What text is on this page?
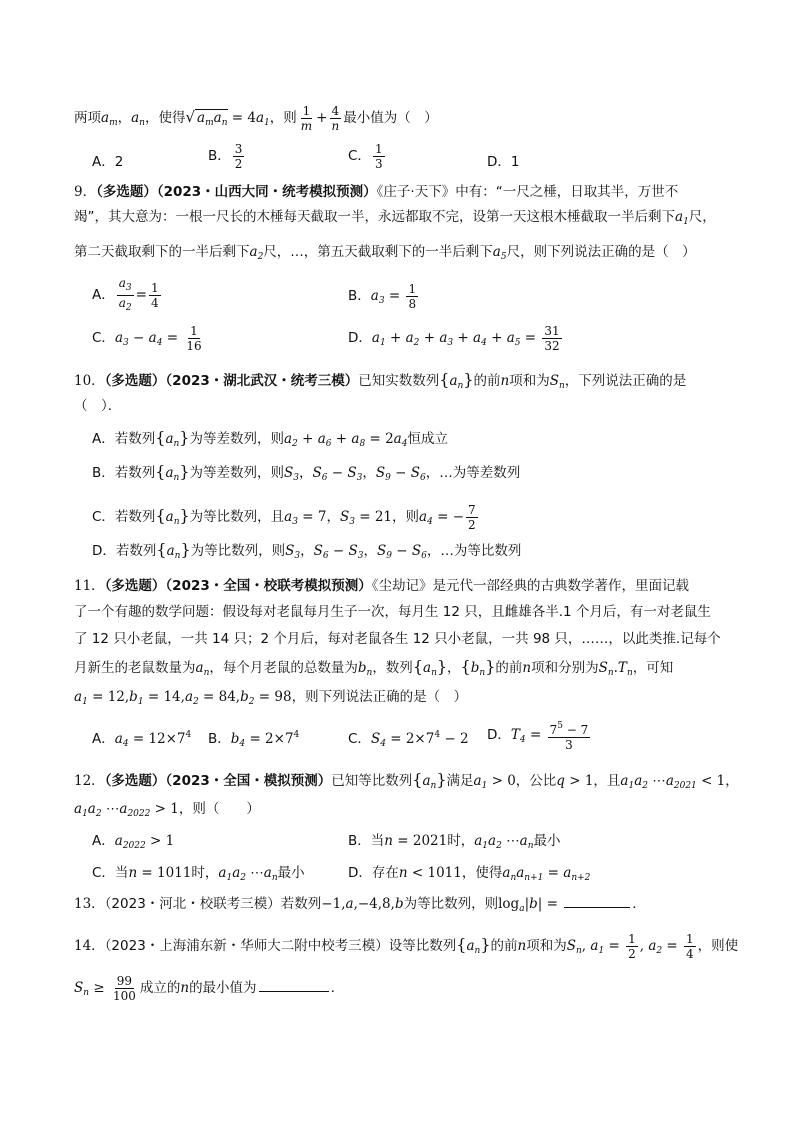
两项$a_m$，$a_n$，使得√ $a_ma_n = 4a_1$，则 $\frac{1}{m} + \frac{4}{n}$ 最小值为（　）
A．2	B． $\frac{3}{2}$	C． $\frac{1}{3}$	D．1
9．（多选题）（2023・山西大同・统考模拟预测）《庄子·天下》中有：“一尺之棰，日取其半，万世不
竭”，其大意为：一根一尺长的木棰每天截取一半，永远都取不完，设第一天这根木棰截取一半后剩下$a_1$尺，
第二天截取剩下的一半后剩下$a_2$尺，…，第五天截取剩下的一半后剩下$a_5$尺，则下列说法正确的是（　）
A． $\frac{a_3}{a_2} = \frac{1}{4}$	B．$a_3 = \frac{1}{8}$
C．$a_3 - a_4 = \frac{1}{16}$	D．$a_1 + a_2 + a_3 + a_4 + a_5 = \frac{31}{32}$
10．（多选题）（2023・湖北武汉・统考三模）已知实数数列$\{a_n\}$的前n项和为$S_n$，下列说法正确的是
（　）．
A．若数列$\{a_n\}$为等差数列，则$a_2 + a_6 + a_8 = 2a_4$恒成立
B．若数列$\{a_n\}$为等差数列，则$S_3$，$S_6 - S_3$，$S_9 - S_6$，…为等差数列
C．若数列$\{a_n\}$为等比数列，且$a_3 = 7$，$S_3 = 21$，则$a_4$ = − $\frac{7}{2}$
D．若数列$\{a_n\}$为等比数列，则$S_3$，$S_6 - S_3$，$S_9 - S_6$，…为等比数列
11．（多选题）（2023・全国・校联考模拟预测）《尘劫记》是元代一部经典的古典数学著作，里面记载
了一个有趣的数学问题：假设每对老鼠每月生子一次，每月生 12 只，且雌雄各半.1 个月后，有一对老鼠生
了 12 只小老鼠，一共 14 只；2 个月后，每对老鼠各生 12 只小老鼠，一共 98 只，……，以此类推.记每个
月新生的老鼠数量为$a_n$，每个月老鼠的总数量为$b_n$，数列$\{a_n\}$，$\{b_n\}$的前n项和分别为$S_n.T_n$，可知
$a_1 = 12,b_1 = 14,a_2 = 84,b_2 = 98$，则下列说法正确的是（　）
A．$a_4 = 12\times 7^4$ B．$b_4 = 2\times 7^4$	C．$S_4 = 2\times 7^4 - 2$ D．$T_4 = \frac{7^5 - 7}{3}$
12．（多选题）（2023・全国・模拟预测）已知等比数列$\{a_n\}$满足$a_1 > 0$，公比q > 1，且$a_1a_2$ $\cdots a_{2021} < 1$，
$a_1a_2$ $\cdots a_{2022} > 1$，则（　　）
A．$a_{2022} > 1$	B．当n = 2021时，$a_1a_2$ $\cdots a_n$最小
C．当n = 1011时，$a_1a_2$ $\cdots a_n$最小	D．存在n < 1011，使得$a_na_{n+1} = a_{n+2}$
13．（2023・河北・校联考三模）若数列−1,a,−4,8,b为等比数列，则$\log_a|b|$ =	．
14．（2023・上海浦东新・华师大二附中校考三模）设等比数列$\{a_n\}$的前n项和为$S_n$, $a_1 = \frac{1}{2}$ , $a_2 = \frac{1}{4}$ ，则使
$S_n \ge \frac{99}{100}$ 成立的n的最小值为	.
